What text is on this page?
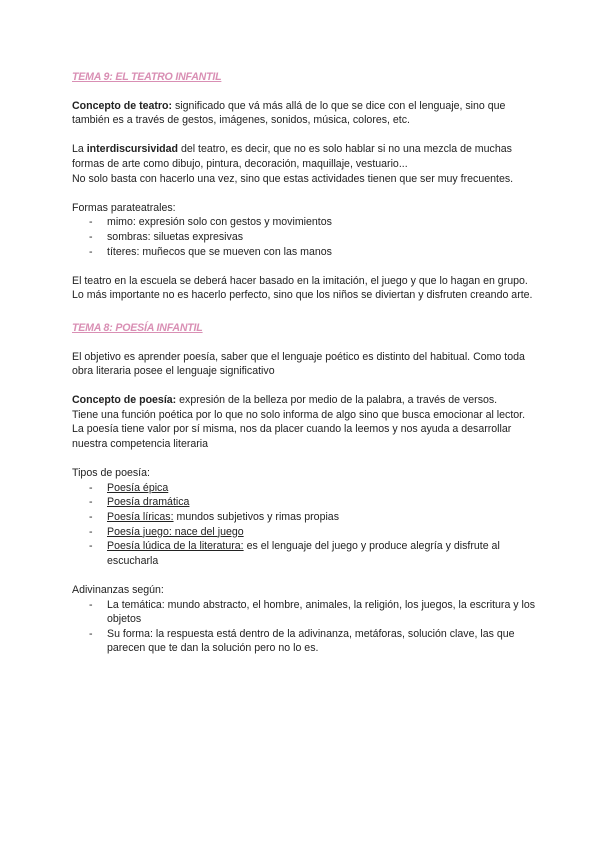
TEMA 9: EL TEATRO INFANTIL

Concepto de teatro: significado que vá más allá de lo que se dice con el lenguaje, sino que también es a través de gestos, imágenes, sonidos, música, colores, etc.

La interdiscursividad del teatro, es decir, que no es solo hablar si no una mezcla de muchas formas de arte como dibujo, pintura, decoración, maquillaje, vestuario...

No solo basta con hacerlo una vez, sino que estas actividades tienen que ser muy frecuentes.

Formas parateatrales:

- mimo: expresión solo con gestos y movimientos
- sombras: siluetas expresivas
- títeres: muñecos que se mueven con las manos

El teatro en la escuela se deberá hacer basado en la imitación, el juego y que lo hagan en grupo. Lo más importante no es hacerlo perfecto, sino que los niños se diviertan y disfruten creando arte.

TEMA 8: POESÍA INFANTIL

El objetivo es aprender poesía, saber que el lenguaje poético es distinto del habitual. Como toda obra literaria posee el lenguaje significativo

Concepto de poesía: expresión de la belleza por medio de la palabra, a través de versos.

Tiene una función poética por lo que no solo informa de algo sino que busca emocionar al lector.

La poesía tiene valor por sí misma, nos da placer cuando la leemos y nos ayuda a desarrollar nuestra competencia literaria

Tipos de poesía:

- Poesía épica
- Poesía dramática
- Poesía líricas: mundos subjetivos y rimas propias
- Poesía juego: nace del juego
- Poesía lúdica de la literatura: es el lenguaje del juego y produce alegría y disfrute al escucharla

Adivinanzas según:

- La temática: mundo abstracto, el hombre, animales, la religión, los juegos, la escritura y los objetos
- Su forma: la respuesta está dentro de la adivinanza, metáforas, solución clave, las que parecen que te dan la solución pero no lo es.
